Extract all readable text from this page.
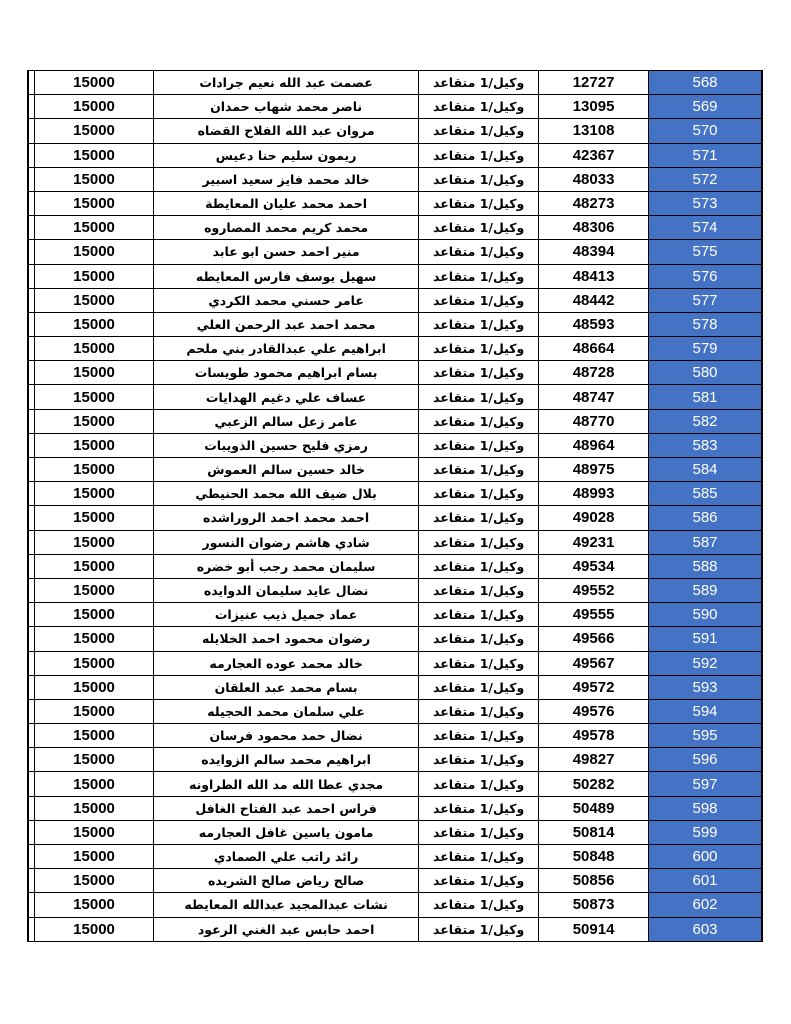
	15000	عصمت عبد الله نعيم جرادات	وكيل/1 متقاعد	12727	568
	15000	ناصر محمد شهاب حمدان	وكيل/1 متقاعد	13095	569
	15000	مروان عبد الله الفلاح القضاه	وكيل/1 متقاعد	13108	570
	15000	ريمون سليم حنا دعيس	وكيل/1 متقاعد	42367	571
	15000	خالد محمد فايز سعيد اسبير	وكيل/1 متقاعد	48033	572
	15000	احمد محمد عليان المعايطة	وكيل/1 متقاعد	48273	573
	15000	محمد كريم محمد المصاروه	وكيل/1 متقاعد	48306	574
	15000	منير احمد حسن ابو عابد	وكيل/1 متقاعد	48394	575
	15000	سهيل يوسف فارس المعايطه	وكيل/1 متقاعد	48413	576
	15000	عامر حسني محمد الكردي	وكيل/1 متقاعد	48442	577
	15000	محمد احمد عبد الرحمن العلي	وكيل/1 متقاعد	48593	578
	15000	ابراهيم علي عبدالقادر بني ملحم	وكيل/1 متقاعد	48664	579
	15000	بسام ابراهيم محمود طويسات	وكيل/1 متقاعد	48728	580
	15000	عساف علي دغيم الهدايات	وكيل/1 متقاعد	48747	581
	15000	عامر زعل سالم الزعبي	وكيل/1 متقاعد	48770	582
	15000	رمزي فليح حسين الذويبات	وكيل/1 متقاعد	48964	583
	15000	خالد حسين سالم العموش	وكيل/1 متقاعد	48975	584
	15000	بلال ضيف الله محمد الحنيطي	وكيل/1 متقاعد	48993	585
	15000	احمد محمد احمد الروراشده	وكيل/1 متقاعد	49028	586
	15000	شادي هاشم رضوان النسور	وكيل/1 متقاعد	49231	587
	15000	سليمان محمد رجب أبو خضره	وكيل/1 متقاعد	49534	588
	15000	نضال عايد سليمان الدوايده	وكيل/1 متقاعد	49552	589
	15000	عماد جميل ذيب عنيزات	وكيل/1 متقاعد	49555	590
	15000	رضوان محمود احمد الخلايله	وكيل/1 متقاعد	49566	591
	15000	خالد محمد عوده العجارمه	وكيل/1 متقاعد	49567	592
	15000	بسام محمد عبد العلقان	وكيل/1 متقاعد	49572	593
	15000	علي سلمان محمد الحجيله	وكيل/1 متقاعد	49576	594
	15000	نضال حمد محمود فرسان	وكيل/1 متقاعد	49578	595
	15000	ابراهيم محمد سالم الزوايده	وكيل/1 متقاعد	49827	596
	15000	مجدي عطا الله مد الله الطراونه	وكيل/1 متقاعد	50282	597
	15000	فراس احمد عبد الفتاح الغافل	وكيل/1 متقاعد	50489	598
	15000	مامون ياسين غافل العجارمه	وكيل/1 متقاعد	50814	599
	15000	رائد راتب علي الصمادي	وكيل/1 متقاعد	50848	600
	15000	صالح رياض صالح الشريده	وكيل/1 متقاعد	50856	601
	15000	نشات عبدالمجيد عبدالله المعايطه	وكيل/1 متقاعد	50873	602
	15000	احمد حابس عبد الغني الرعود	وكيل/1 متقاعد	50914	603
